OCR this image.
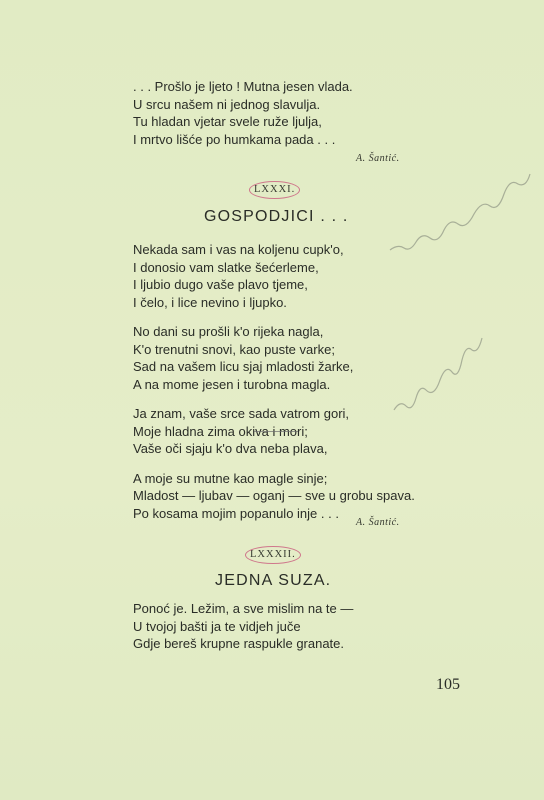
. . . Prošlo je ljeto ! Mutna jesen vlada.
U srcu našem ni jednog slavulja.
Tu hladan vjetar svele ruže ljulja,
I mrtvo lišće po humkama pada . . .
A. Šantić.
LXXXI.
GOSPODJICI . . .
Nekada sam i vas na koljenu cupk'o,
I donosio vam slatke šećerleme,
I ljubio dugo vaše plavo tjeme,
I čelo, i lice nevino i ljupko.
No dani su prošli k'o rijeka nagla,
K'o trenutni snovi, kao puste varke;
Sad na vašem licu sjaj mladosti žarke,
A na mome jesen i turobna magla.
Ja znam, vaše srce sada vatrom gori,
Moje hladna zima okiva i mori;
Vaše oči sjaju k'o dva neba plava,
A moje su mutne kao magle sinje;
Mladost — ljubav — oganj — sve u grobu spava.
Po kosama mojim popanulo inje . . .
A. Šantić.
LXXXII.
JEDNA SUZA.
Ponoć je. Ležim, a sve mislim na te —
U tvojoj bašti ja te vidjeh juče
Gdje bereš krupne raspukle granate.
105
